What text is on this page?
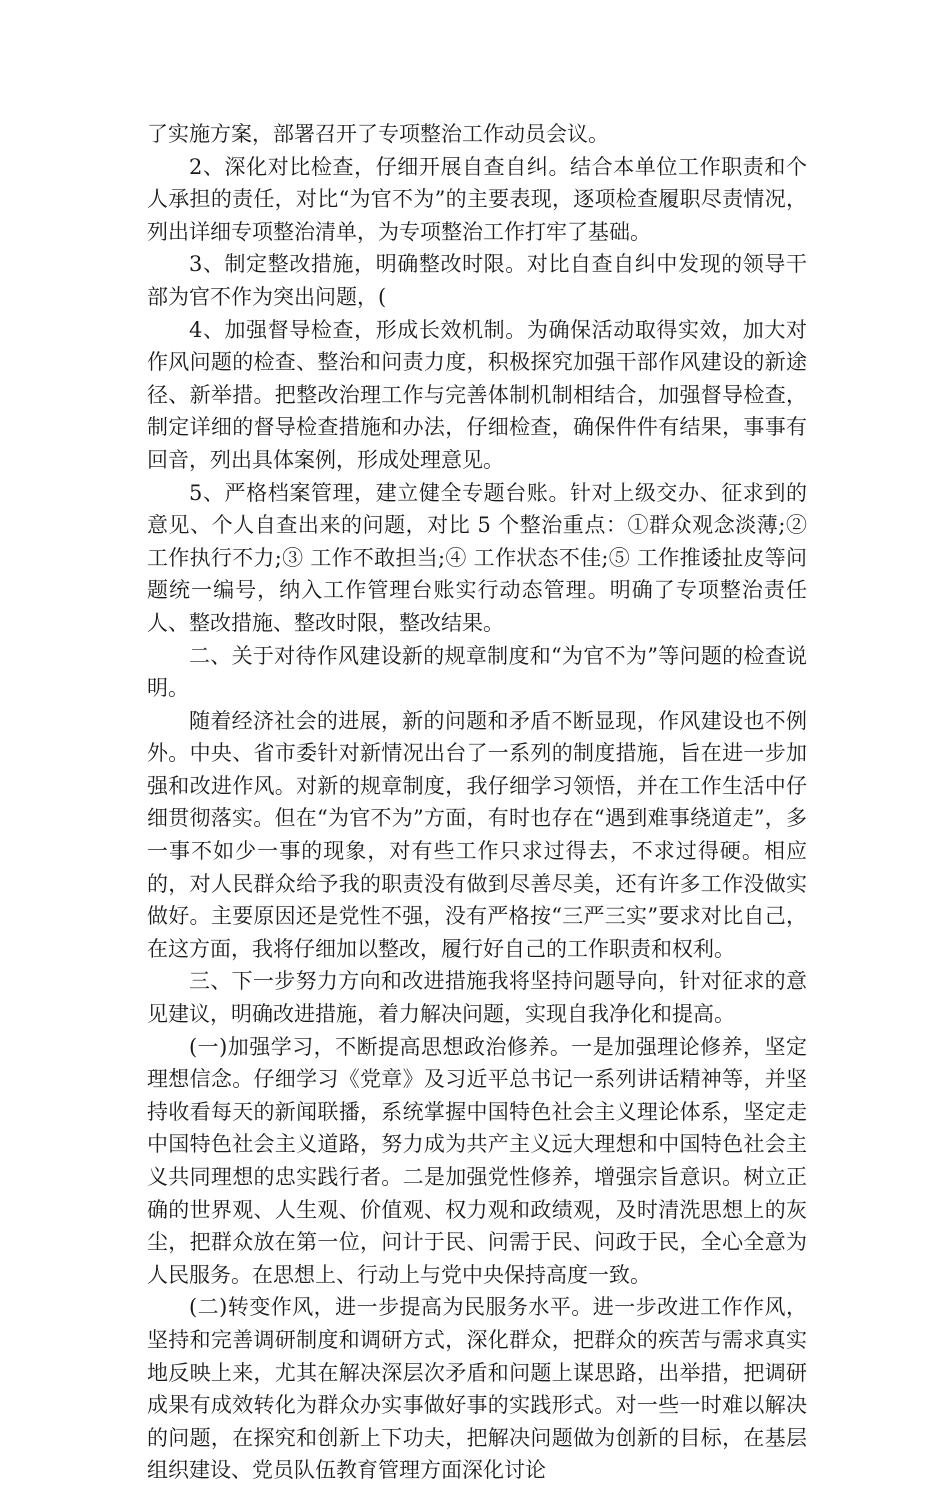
了实施方案，部署召开了专项整治工作动员会议。

2、深化对比检查，仔细开展自查自纠。结合本单位工作职责和个人承担的责任，对比“为官不为”的主要表现，逐项检查履职尽责情况，列出详细专项整治清单，为专项整治工作打牢了基础。

3、制定整改措施，明确整改时限。对比自查自纠中发现的领导干部为官不作为突出问题，(

4、加强督导检查，形成长效机制。为确保活动取得实效，加大对作风问题的检查、整治和问责力度，积极探究加强干部作风建设的新途径、新举措。把整改治理工作与完善体制机制相结合，加强督导检查，制定详细的督导检查措施和办法，仔细检查，确保件件有结果，事事有回音，列出具体案例，形成处理意见。

5、严格档案管理，建立健全专题台账。针对上级交办、征求到的意见、个人自查出来的问题，对比 5 个整治重点：①群众观念淡薄;② 工作执行不力;③ 工作不敢担当;④ 工作状态不佳;⑤ 工作推诿扯皮等问题统一编号，纳入工作管理台账实行动态管理。明确了专项整治责任人、整改措施、整改时限，整改结果。

二、关于对待作风建设新的规章制度和“为官不为”等问题的检查说明。

随着经济社会的进展，新的问题和矛盾不断显现，作风建设也不例外。中央、省市委针对新情况出台了一系列的制度措施，旨在进一步加强和改进作风。对新的规章制度，我仔细学习领悟，并在工作生活中仔细贯彻落实。但在“为官不为”方面，有时也存在“遇到难事绕道走”，多一事不如少一事的现象，对有些工作只求过得去，不求过得硬。相应的，对人民群众给予我的职责没有做到尽善尽美，还有许多工作没做实做好。主要原因还是党性不强，没有严格按“三严三实”要求对比自己，在这方面，我将仔细加以整改，履行好自己的工作职责和权利。

三、下一步努力方向和改进措施我将坚持问题导向，针对征求的意见建议，明确改进措施，着力解决问题，实现自我净化和提高。

(一)加强学习，不断提高思想政治修养。一是加强理论修养，坚定理想信念。仔细学习《党章》及习近平总书记一系列讲话精神等，并坚持收看每天的新闻联播，系统掌握中国特色社会主义理论体系，坚定走中国特色社会主义道路，努力成为共产主义远大理想和中国特色社会主义共同理想的忠实践行者。二是加强党性修养，增强宗旨意识。树立正确的世界观、人生观、价值观、权力观和政绩观，及时清洗思想上的灰尘，把群众放在第一位，问计于民、问需于民、问政于民，全心全意为人民服务。在思想上、行动上与党中央保持高度一致。

(二)转变作风，进一步提高为民服务水平。进一步改进工作作风，坚持和完善调研制度和调研方式，深化群众，把群众的疾苦与需求真实地反映上来，尤其在解决深层次矛盾和问题上谋思路，出举措，把调研成果有成效转化为群众办实事做好事的实践形式。对一些一时难以解决的问题，在探究和创新上下功夫，把解决问题做为创新的目标，在基层组织建设、党员队伍教育管理方面深化讨论
